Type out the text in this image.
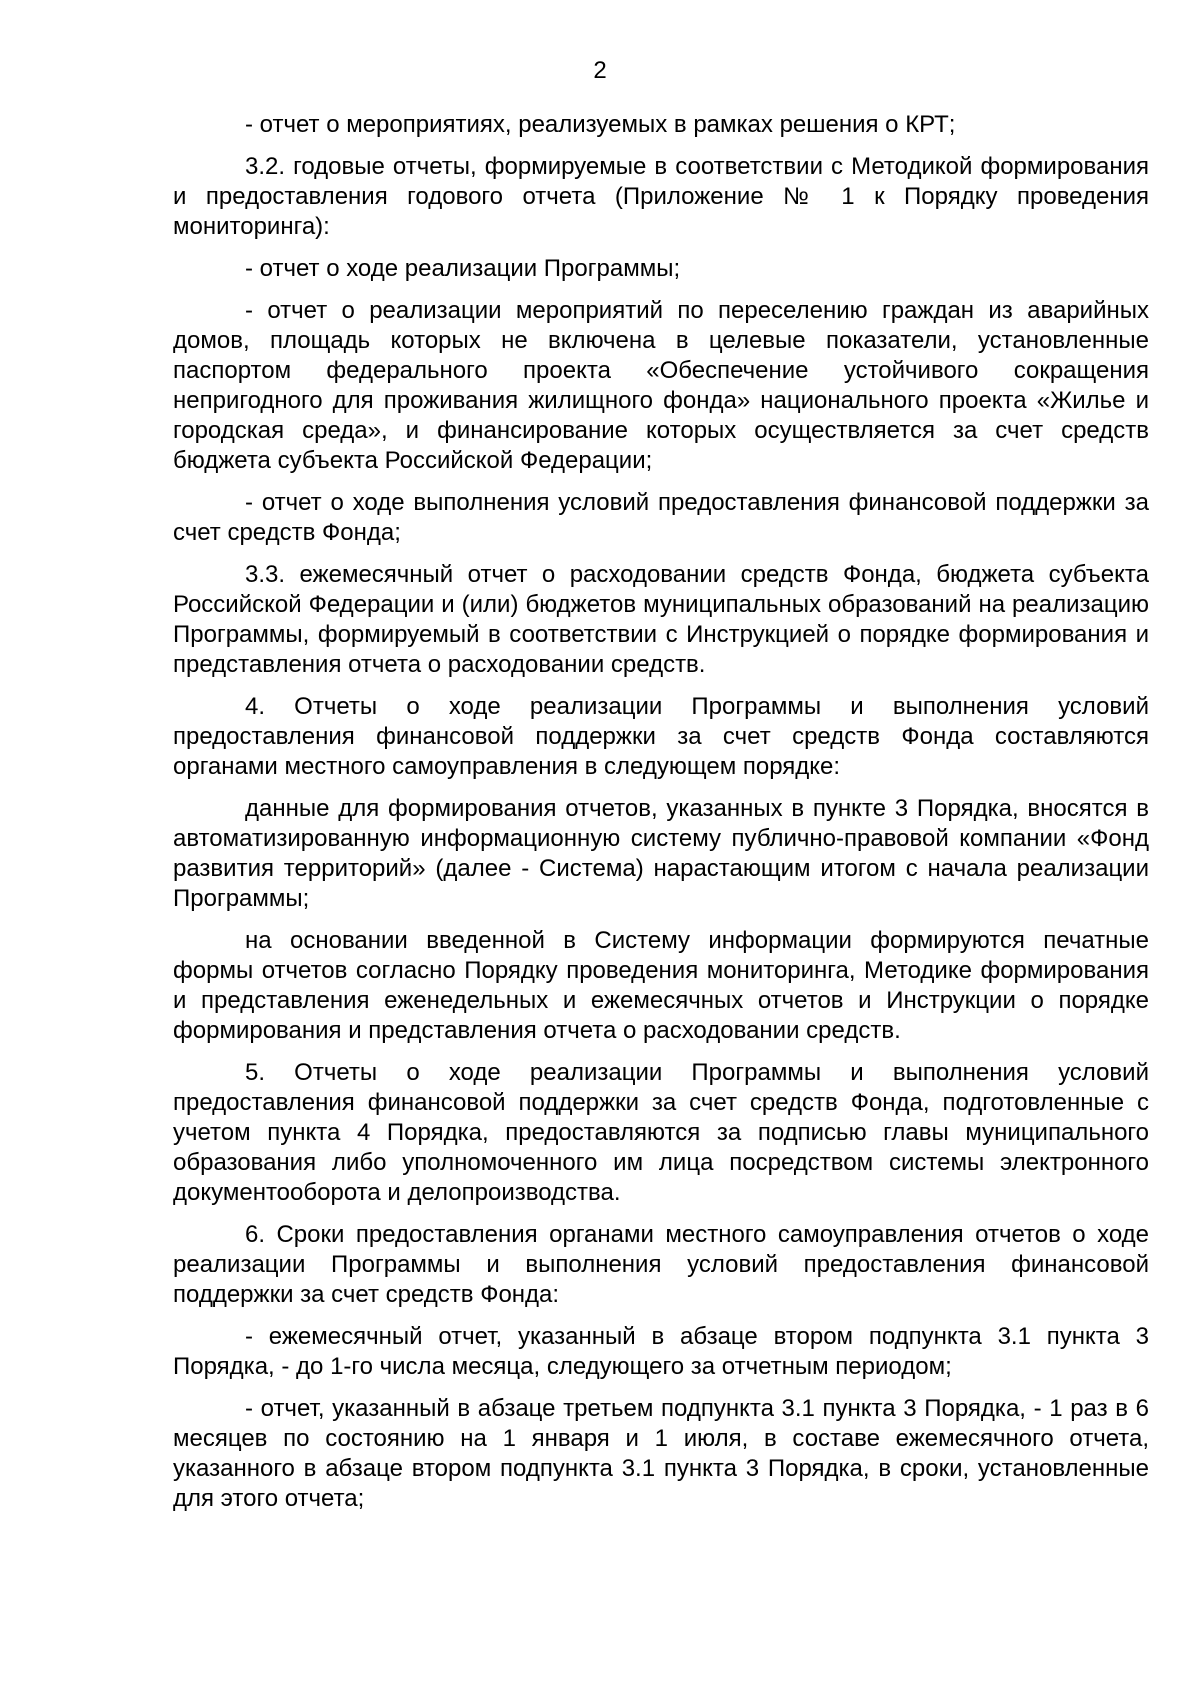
2

- отчет о мероприятиях, реализуемых в рамках решения о КРТ;

3.2. годовые отчеты, формируемые в соответствии с Методикой формирования и предоставления годового отчета (Приложение № 1 к Порядку проведения мониторинга):

- отчет о ходе реализации Программы;

- отчет о реализации мероприятий по переселению граждан из аварийных домов, площадь которых не включена в целевые показатели, установленные паспортом федерального проекта «Обеспечение устойчивого сокращения непригодного для проживания жилищного фонда» национального проекта «Жилье и городская среда», и финансирование которых осуществляется за счет средств бюджета субъекта Российской Федерации;

- отчет о ходе выполнения условий предоставления финансовой поддержки за счет средств Фонда;

3.3. ежемесячный отчет о расходовании средств Фонда, бюджета субъекта Российской Федерации и (или) бюджетов муниципальных образований на реализацию Программы, формируемый в соответствии с Инструкцией о порядке формирования и представления отчета о расходовании средств.

4. Отчеты о ходе реализации Программы и выполнения условий предоставления финансовой поддержки за счет средств Фонда составляются органами местного самоуправления в следующем порядке:

данные для формирования отчетов, указанных в пункте 3 Порядка, вносятся в автоматизированную информационную систему публично-правовой компании «Фонд развития территорий» (далее - Система) нарастающим итогом с начала реализации Программы;

на основании введенной в Систему информации формируются печатные формы отчетов согласно Порядку проведения мониторинга, Методике формирования и представления еженедельных и ежемесячных отчетов и Инструкции о порядке формирования и представления отчета о расходовании средств.

5. Отчеты о ходе реализации Программы и выполнения условий предоставления финансовой поддержки за счет средств Фонда, подготовленные с учетом пункта 4 Порядка, предоставляются за подписью главы муниципального образования либо уполномоченного им лица посредством системы электронного документооборота и делопроизводства.

6. Сроки предоставления органами местного самоуправления отчетов о ходе реализации Программы и выполнения условий предоставления финансовой поддержки за счет средств Фонда:

- ежемесячный отчет, указанный в абзаце втором подпункта 3.1 пункта 3 Порядка, - до 1-го числа месяца, следующего за отчетным периодом;

- отчет, указанный в абзаце третьем подпункта 3.1 пункта 3 Порядка, - 1 раз в 6 месяцев по состоянию на 1 января и 1 июля, в составе ежемесячного отчета, указанного в абзаце втором подпункта 3.1 пункта 3 Порядка, в сроки, установленные для этого отчета;
